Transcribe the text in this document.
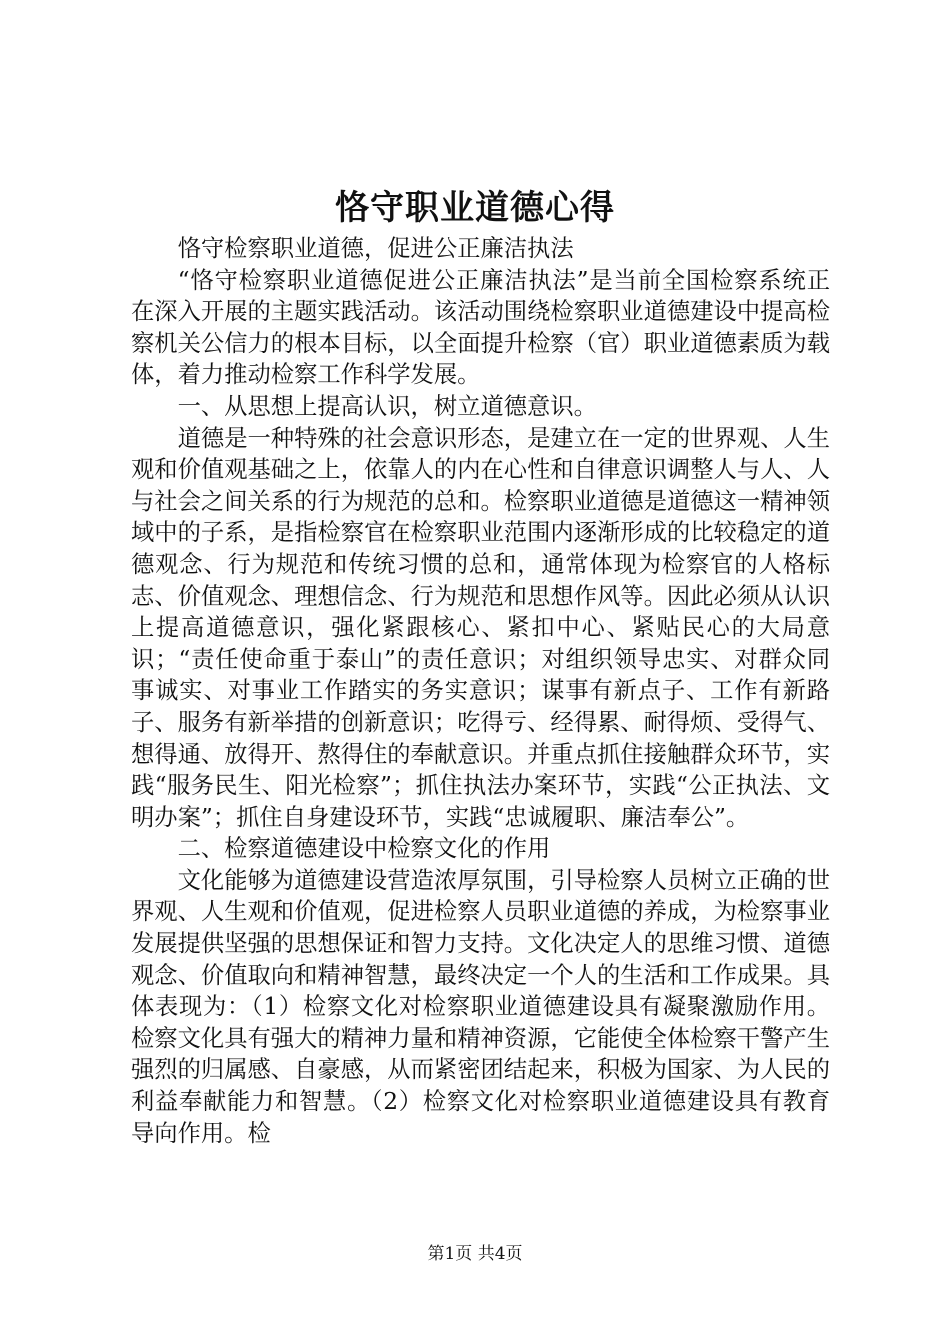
恪守职业道德心得

恪守检察职业道德，促进公正廉洁执法

“恪守检察职业道德促进公正廉洁执法”是当前全国检察系统正在深入开展的主题实践活动。该活动围绕检察职业道德建设中提高检察机关公信力的根本目标，以全面提升检察（官）职业道德素质为载体，着力推动检察工作科学发展。

一、从思想上提高认识，树立道德意识。

道德是一种特殊的社会意识形态，是建立在一定的世界观、人生观和价值观基础之上，依靠人的内在心性和自律意识调整人与人、人与社会之间关系的行为规范的总和。检察职业道德是道德这一精神领域中的子系，是指检察官在检察职业范围内逐渐形成的比较稳定的道德观念、行为规范和传统习惯的总和，通常体现为检察官的人格标志、价值观念、理想信念、行为规范和思想作风等。因此必须从认识上提高道德意识，强化紧跟核心、紧扣中心、紧贴民心的大局意识；“责任使命重于泰山”的责任意识；对组织领导忠实、对群众同事诚实、对事业工作踏实的务实意识；谋事有新点子、工作有新路子、服务有新举措的创新意识；吃得亏、经得累、耐得烦、受得气、想得通、放得开、熬得住的奉献意识。并重点抓住接触群众环节，实践“服务民生、阳光检察”；抓住执法办案环节，实践“公正执法、文明办案”；抓住自身建设环节，实践“忠诚履职、廉洁奉公”。

二、检察道德建设中检察文化的作用

文化能够为道德建设营造浓厚氛围，引导检察人员树立正确的世界观、人生观和价值观，促进检察人员职业道德的养成，为检察事业发展提供坚强的思想保证和智力支持。文化决定人的思维习惯、道德观念、价值取向和精神智慧，最终决定一个人的生活和工作成果。具体表现为：（1）检察文化对检察职业道德建设具有凝聚激励作用。检察文化具有强大的精神力量和精神资源，它能使全体检察干警产生强烈的归属感、自豪感，从而紧密团结起来，积极为国家、为人民的利益奉献能力和智慧。（2）检察文化对检察职业道德建设具有教育导向作用。检

第1页 共4页
